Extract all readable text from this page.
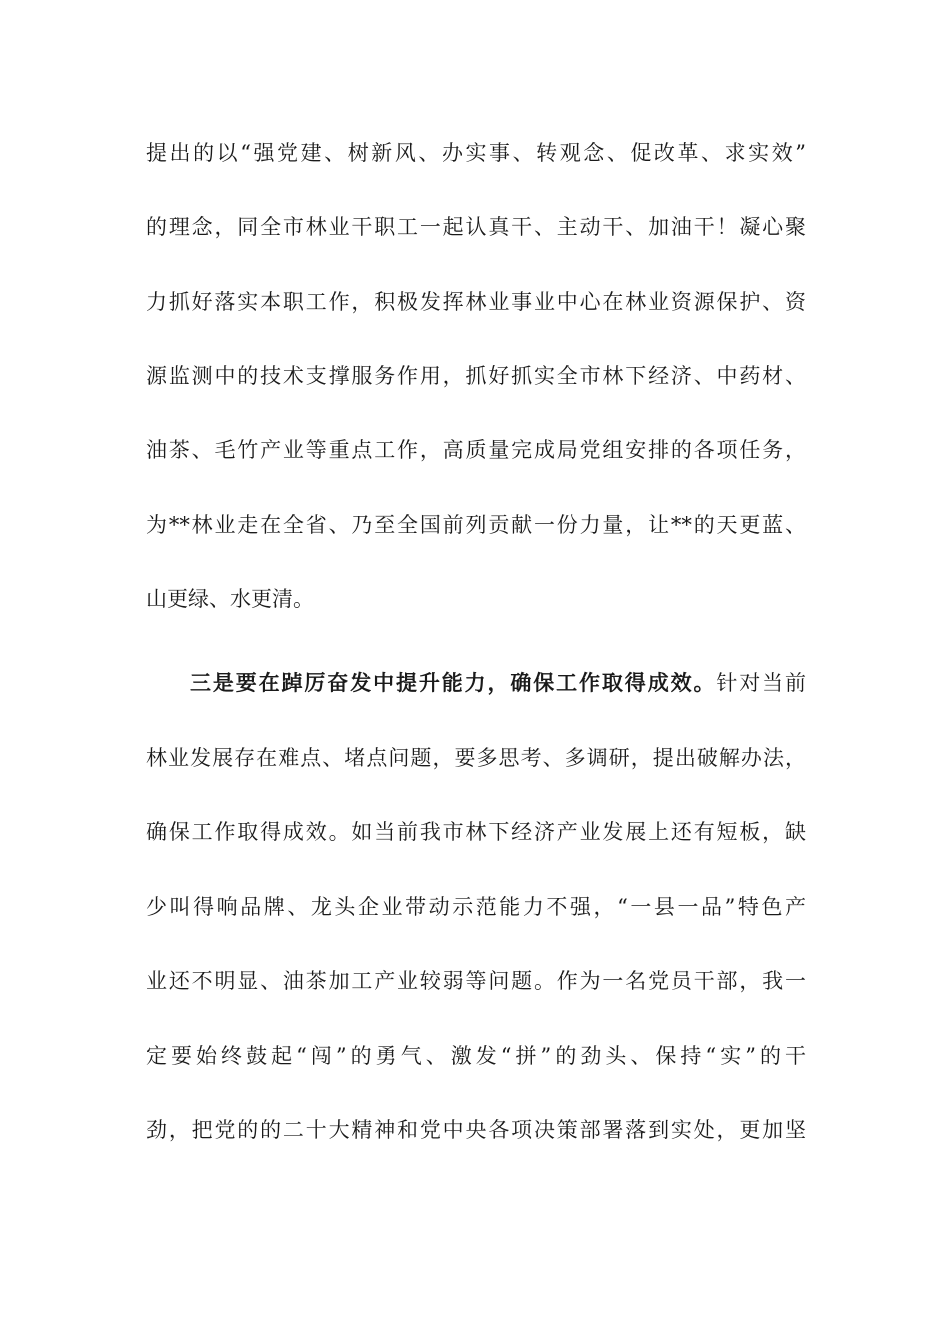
提出的以“强党建、树新风、办实事、转观念、促改革、求实效”
的理念，同全市林业干职工一起认真干、主动干、加油干！凝心聚
力抓好落实本职工作，积极发挥林业事业中心在林业资源保护、资
源监测中的技术支撑服务作用，抓好抓实全市林下经济、中药材、
油茶、毛竹产业等重点工作，高质量完成局党组安排的各项任务，
为**林业走在全省、乃至全国前列贡献一份力量，让**的天更蓝、
山更绿、水更清。
三是要在踔厉奋发中提升能力，确保工作取得成效。针对当前
林业发展存在难点、堵点问题，要多思考、多调研，提出破解办法，
确保工作取得成效。如当前我市林下经济产业发展上还有短板，缺
少叫得响品牌、龙头企业带动示范能力不强，“一县一品”特色产
业还不明显、油茶加工产业较弱等问题。作为一名党员干部，我一
定要始终鼓起“闯”的勇气、激发“拼”的劲头、保持“实”的干
劲，把党的的二十大精神和党中央各项决策部署落到实处，更加坚
